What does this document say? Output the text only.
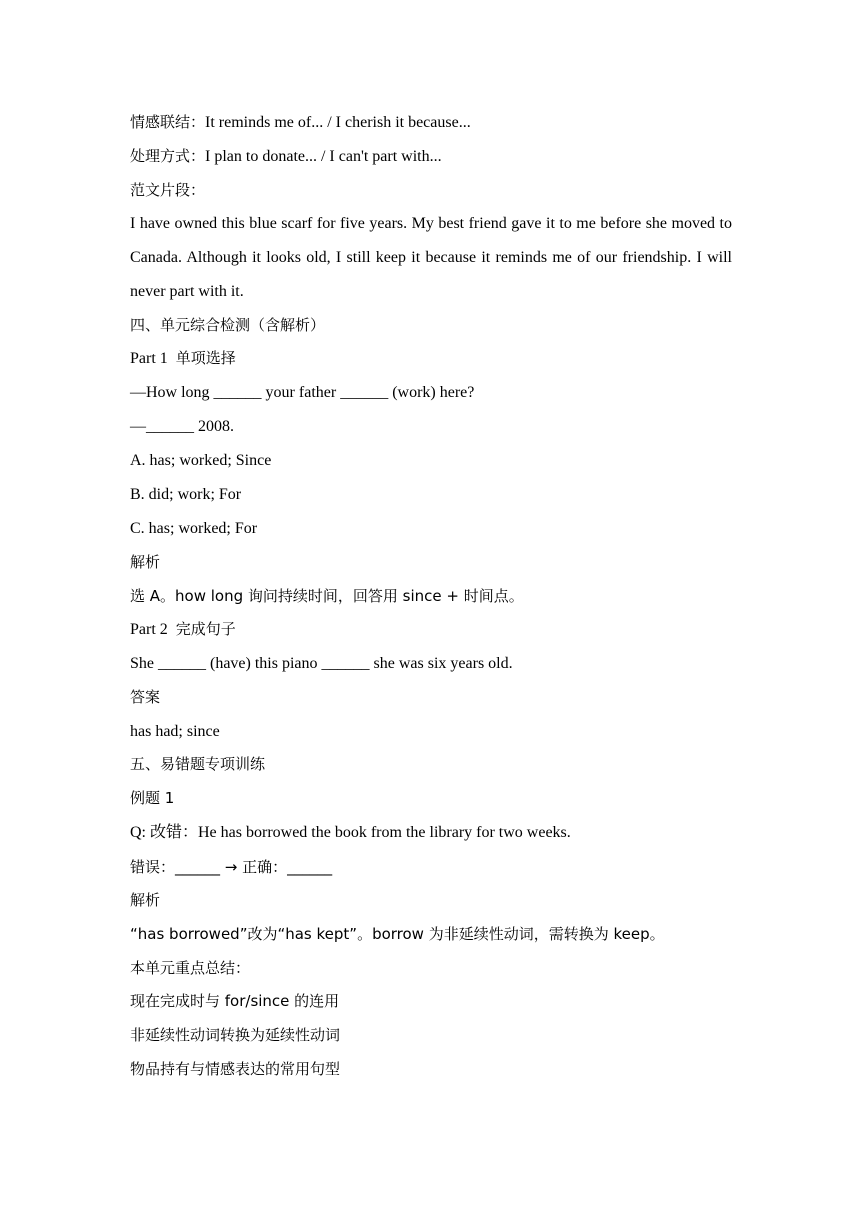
情感联结：It reminds me of... / I cherish it because...
处理方式：I plan to donate... / I can't part with...
范文片段：
I have owned this blue scarf for five years. My best friend gave it to me before she moved to Canada. Although it looks old, I still keep it because it reminds me of our friendship. I will never part with it.
四、单元综合检测（含解析）
Part 1 单项选择
—How long ______ your father ______ (work) here?
—______ 2008.
A. has; worked; Since
B. did; work; For
C. has; worked; For
解析
选 A。how long 询问持续时间，回答用 since + 时间点。
Part 2 完成句子
She ______ (have) this piano ______ she was six years old.
答案
has had; since
五、易错题专项训练
例题 1
Q: 改错：He has borrowed the book from the library for two weeks.
错误：______ → 正确：______
解析
“has borrowed”改为“has kept”。borrow 为非延续性动词，需转换为 keep。
本单元重点总结：
现在完成时与 for/since 的连用
非延续性动词转换为延续性动词
物品持有与情感表达的常用句型
